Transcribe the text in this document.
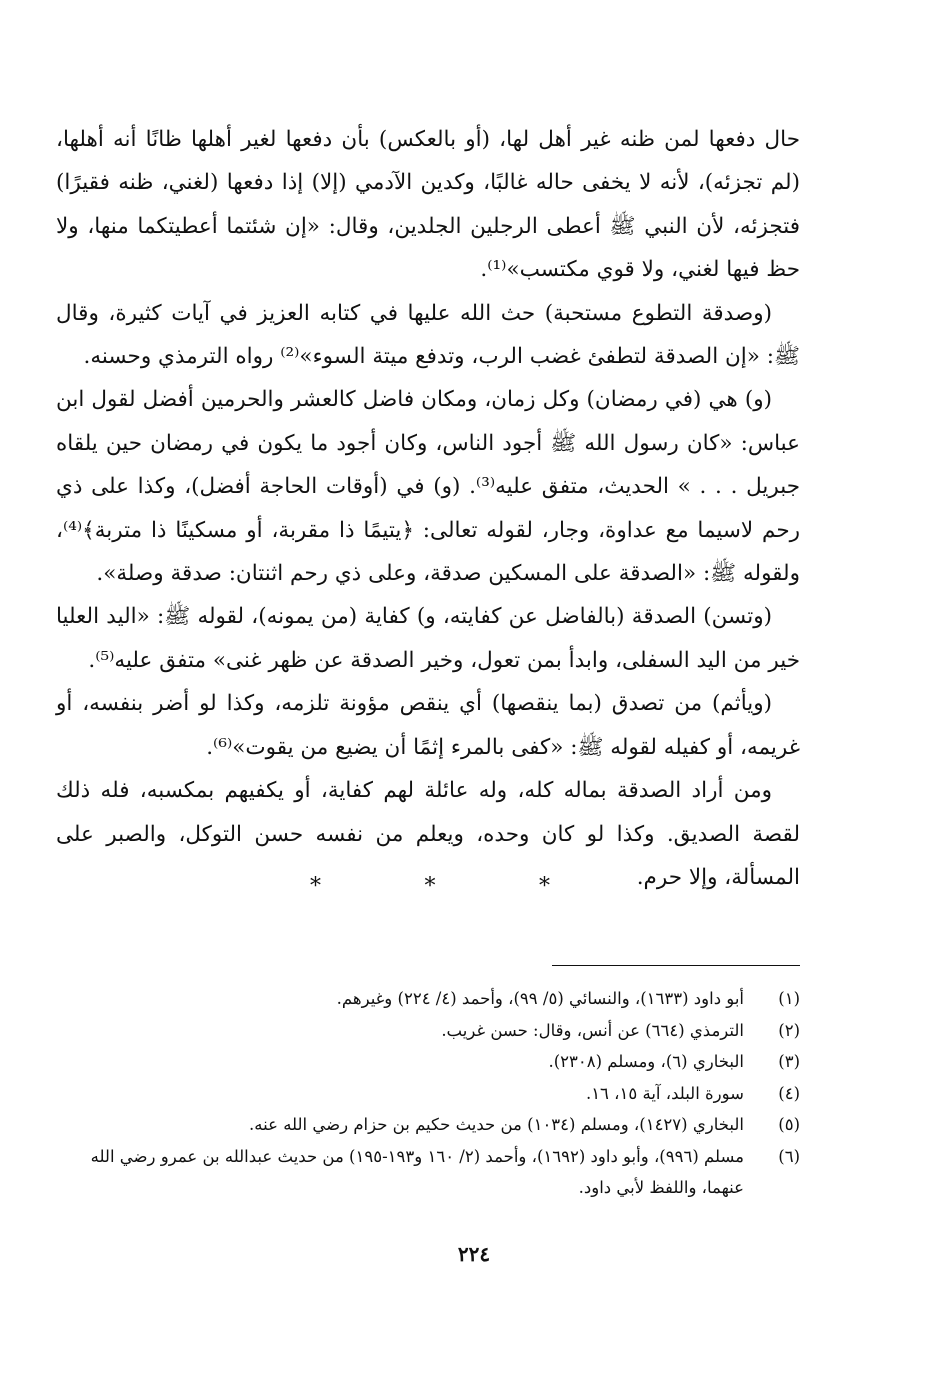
حال دفعها لمن ظنه غير أهل لها، (أو بالعكس) بأن دفعها لغير أهلها ظانًا أنه أهلها، (لم تجزئه)، لأنه لا يخفى حاله غالبًا، وكدين الآدمي (إلا) إذا دفعها (لغني، ظنه فقيرًا) فتجزئه، لأن النبي ﷺ أعطى الرجلين الجلدين، وقال: «إن شئتما أعطيتكما منها، ولا حظ فيها لغني، ولا قوي مكتسب»⁽¹⁾.

(وصدقة التطوع مستحبة) حث الله عليها في كتابه العزيز في آيات كثيرة، وقال ﷺ: «إن الصدقة لتطفئ غضب الرب، وتدفع ميتة السوء»⁽²⁾ رواه الترمذي وحسنه.

(و) هي (في رمضان) وكل زمان، ومكان فاضل كالعشر والحرمين أفضل لقول ابن عباس: «كان رسول الله ﷺ أجود الناس، وكان أجود ما يكون في رمضان حين يلقاه جبريل . . . » الحديث، متفق عليه⁽³⁾. (و) في (أوقات الحاجة أفضل)، وكذا على ذي رحم لاسيما مع عداوة، وجار، لقوله تعالى: ﴿يتيمًا ذا مقربة، أو مسكينًا ذا متربة﴾⁽⁴⁾، ولقوله ﷺ: «الصدقة على المسكين صدقة، وعلى ذي رحم اثنتان: صدقة وصلة».

(وتسن) الصدقة (بالفاضل عن كفايته، و) كفاية (من يمونه)، لقوله ﷺ: «اليد العليا خير من اليد السفلى، وابدأ بمن تعول، وخير الصدقة عن ظهر غنى» متفق عليه⁽⁵⁾.

(ويأثم) من تصدق (بما ينقصها) أي ينقص مؤونة تلزمه، وكذا لو أضر بنفسه، أو غريمه، أو كفيله لقوله ﷺ: «كفى بالمرء إثمًا أن يضيع من يقوت»⁽⁶⁾.

ومن أراد الصدقة بماله كله، وله عائلة لهم كفاية، أو يكفيهم بمكسبه، فله ذلك لقصة الصديق. وكذا لو كان وحده، ويعلم من نفسه حسن التوكل، والصبر على المسألة، وإلا حرم.

*	*	*
(١)
أبو داود (١٦٣٣)، والنسائي (٥/ ٩٩)، وأحمد (٤/ ٢٢٤) وغيرهم.
(٢)
الترمذي (٦٦٤) عن أنس، وقال: حسن غريب.
(٣)
البخاري (٦)، ومسلم (٢٣٠٨).
(٤)
سورة البلد، آية ١٥، ١٦.
(٥)
البخاري (١٤٢٧)، ومسلم (١٠٣٤) من حديث حكيم بن حزام رضي الله عنه.
(٦)
مسلم (٩٩٦)، وأبو داود (١٦٩٢)، وأحمد (٢/ ١٦٠ و١٩٣-١٩٥) من حديث عبدالله بن عمرو رضي الله عنهما، واللفظ لأبي داود.
٢٢٤
